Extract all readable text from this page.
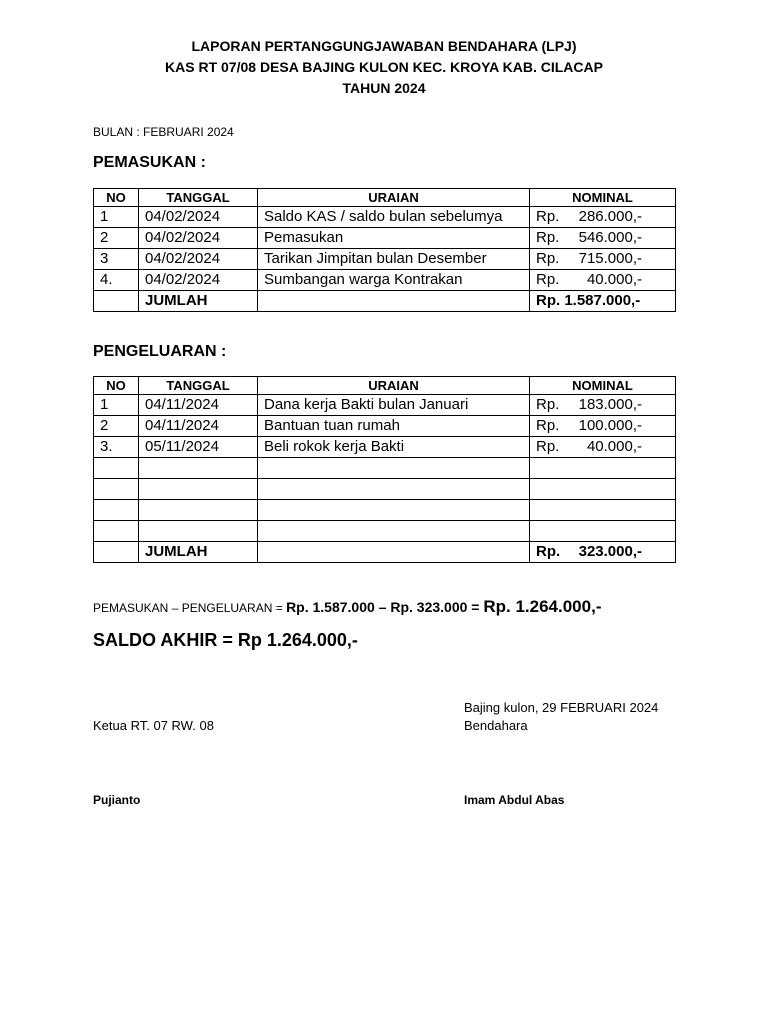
LAPORAN PERTANGGUNGJAWABAN BENDAHARA (LPJ)
KAS RT 07/08 DESA BAJING KULON KEC. KROYA KAB. CILACAP
TAHUN 2024
BULAN : FEBRUARI 2024
PEMASUKAN :
NO	TANGGAL	URAIAN	NOMINAL
1	04/02/2024	Saldo KAS / saldo bulan sebelumya	Rp. 286.000,-

2	04/02/2024	Pemasukan	Rp. 546.000,-

3	04/02/2024	Tarikan Jimpitan bulan Desember	Rp. 715.000,-

4.	04/02/2024	Sumbangan warga Kontrakan	Rp. 40.000,-

	JUMLAH		Rp. 1.587.000,-
PENGELUARAN :
NO	TANGGAL	URAIAN	NOMINAL
1	04/11/2024	Dana kerja Bakti bulan Januari	Rp. 183.000,-

2	04/11/2024	Bantuan tuan rumah	Rp. 100.000,-

3.	05/11/2024	Beli rokok kerja Bakti	Rp. 40.000,-

	JUMLAH		Rp. 323.000,-
PEMASUKAN – PENGELUARAN = Rp. 1.587.000 – Rp. 323.000 = Rp. 1.264.000,-
SALDO AKHIR = Rp 1.264.000,-
Bajing kulon, 29 FEBRUARI 2024
Ketua RT. 07 RW. 08	Bendahara
Pujianto	Imam Abdul Abas
